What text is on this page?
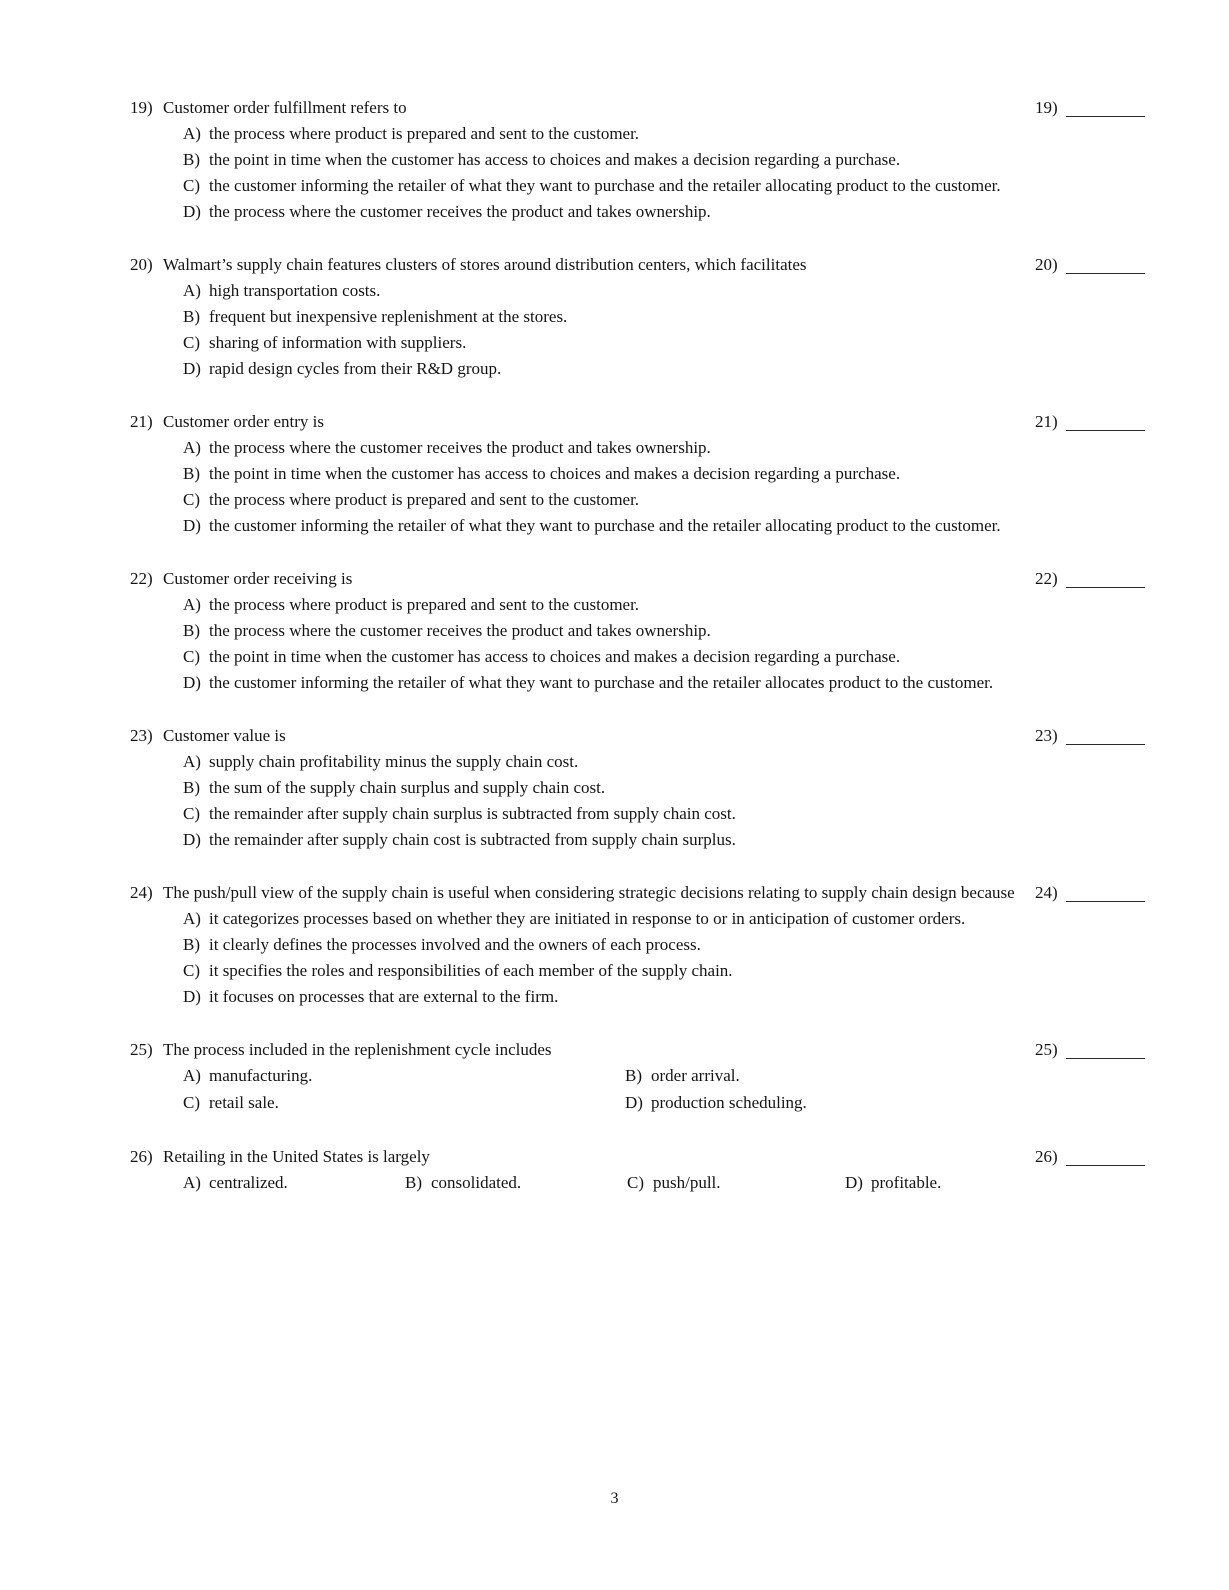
19) Customer order fulfillment refers to
A) the process where product is prepared and sent to the customer.
B) the point in time when the customer has access to choices and makes a decision regarding a purchase.
C) the customer informing the retailer of what they want to purchase and the retailer allocating product to the customer.
D) the process where the customer receives the product and takes ownership.
19)
20) Walmart’s supply chain features clusters of stores around distribution centers, which facilitates
A) high transportation costs.
B) frequent but inexpensive replenishment at the stores.
C) sharing of information with suppliers.
D) rapid design cycles from their R&D group.
20)
21) Customer order entry is
A) the process where the customer receives the product and takes ownership.
B) the point in time when the customer has access to choices and makes a decision regarding a purchase.
C) the process where product is prepared and sent to the customer.
D) the customer informing the retailer of what they want to purchase and the retailer allocating product to the customer.
21)
22) Customer order receiving is
A) the process where product is prepared and sent to the customer.
B) the process where the customer receives the product and takes ownership.
C) the point in time when the customer has access to choices and makes a decision regarding a purchase.
D) the customer informing the retailer of what they want to purchase and the retailer allocates product to the customer.
22)
23) Customer value is
A) supply chain profitability minus the supply chain cost.
B) the sum of the supply chain surplus and supply chain cost.
C) the remainder after supply chain surplus is subtracted from supply chain cost.
D) the remainder after supply chain cost is subtracted from supply chain surplus.
23)
24) The push/pull view of the supply chain is useful when considering strategic decisions relating to supply chain design because
A) it categorizes processes based on whether they are initiated in response to or in anticipation of customer orders.
B) it clearly defines the processes involved and the owners of each process.
C) it specifies the roles and responsibilities of each member of the supply chain.
D) it focuses on processes that are external to the firm.
24)
25) The process included in the replenishment cycle includes
A) manufacturing.	B) order arrival.
C) retail sale.	D) production scheduling.
25)
26) Retailing in the United States is largely
A) centralized.	B) consolidated.	C) push/pull.	D) profitable.
26)
3
